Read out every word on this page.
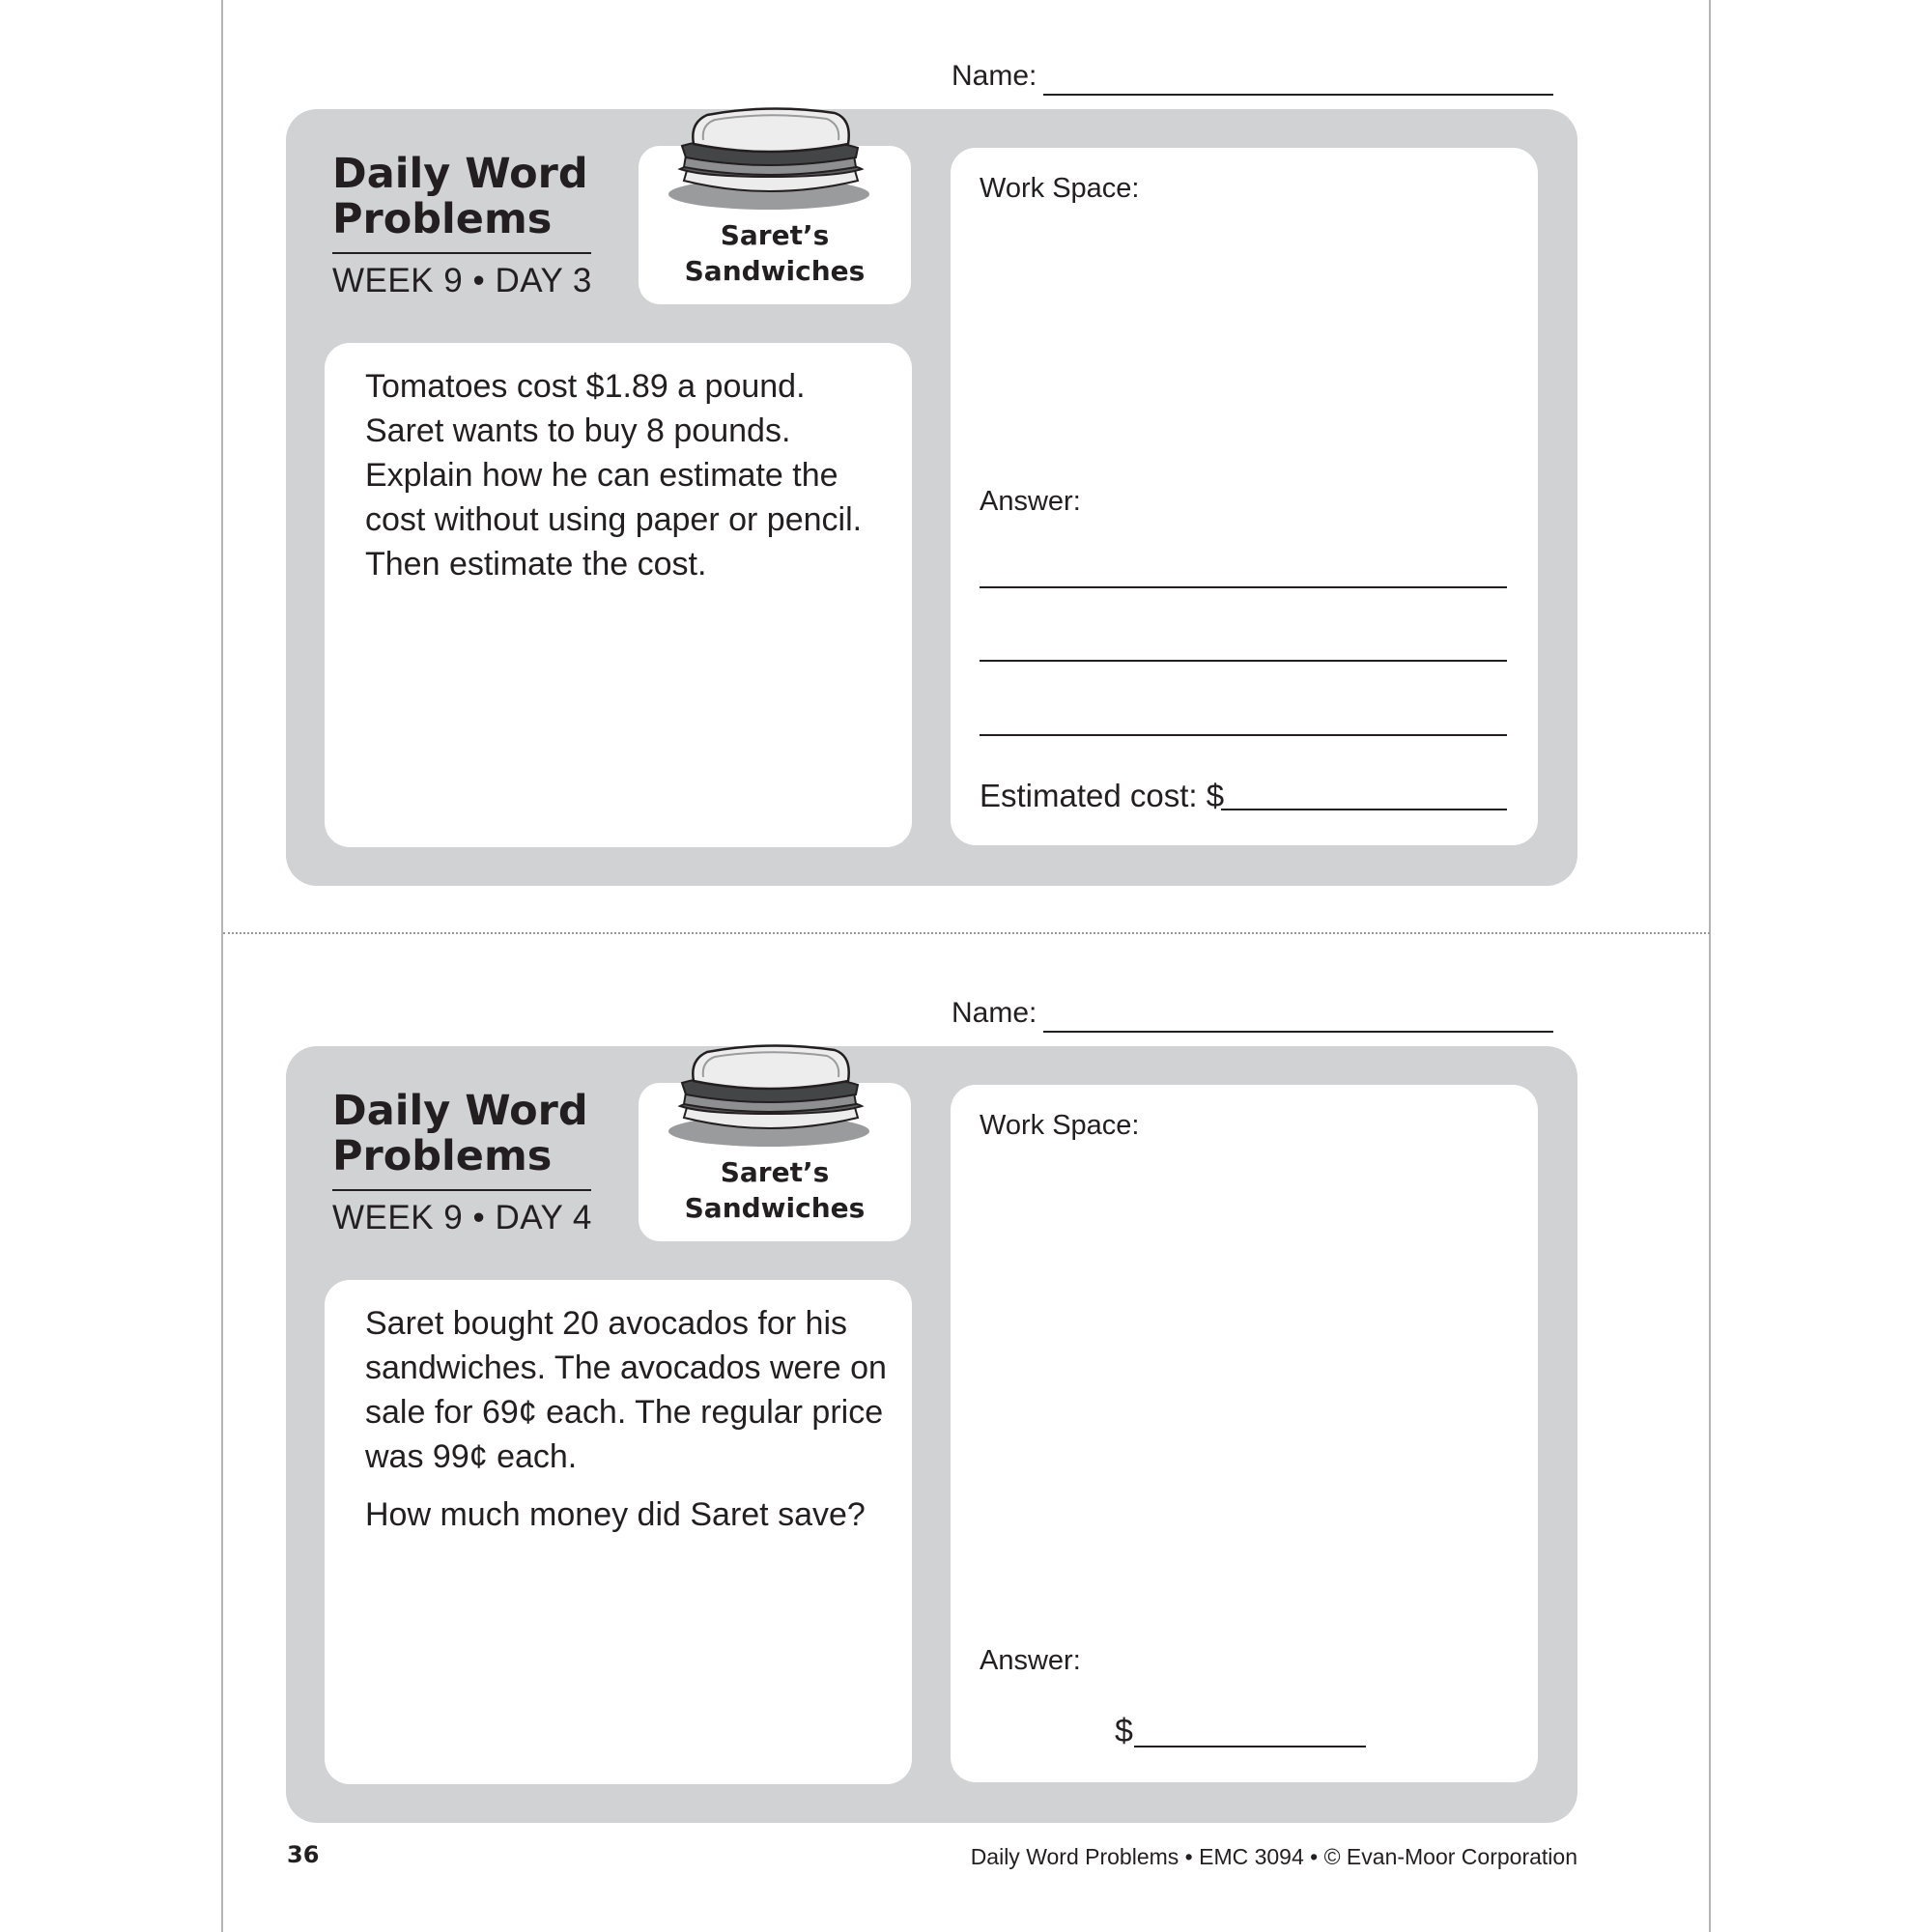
Name:
Daily Word
Problems
WEEK 9 • DAY 3
Saret’s
Sandwiches

Tomatoes cost $1.89 a pound. Saret wants to buy 8 pounds. Explain how he can estimate the cost without using paper or pencil. Then estimate the cost.

Work Space:
Answer:
Estimated cost: $
Name:
Daily Word
Problems
WEEK 9 • DAY 4
Saret’s
Sandwiches

Saret bought 20 avocados for his sandwiches. The avocados were on sale for 69¢ each. The regular price was 99¢ each.

How much money did Saret save?

Work Space:
Answer:
$
36	Daily Word Problems • EMC 3094 • © Evan-Moor Corporation
